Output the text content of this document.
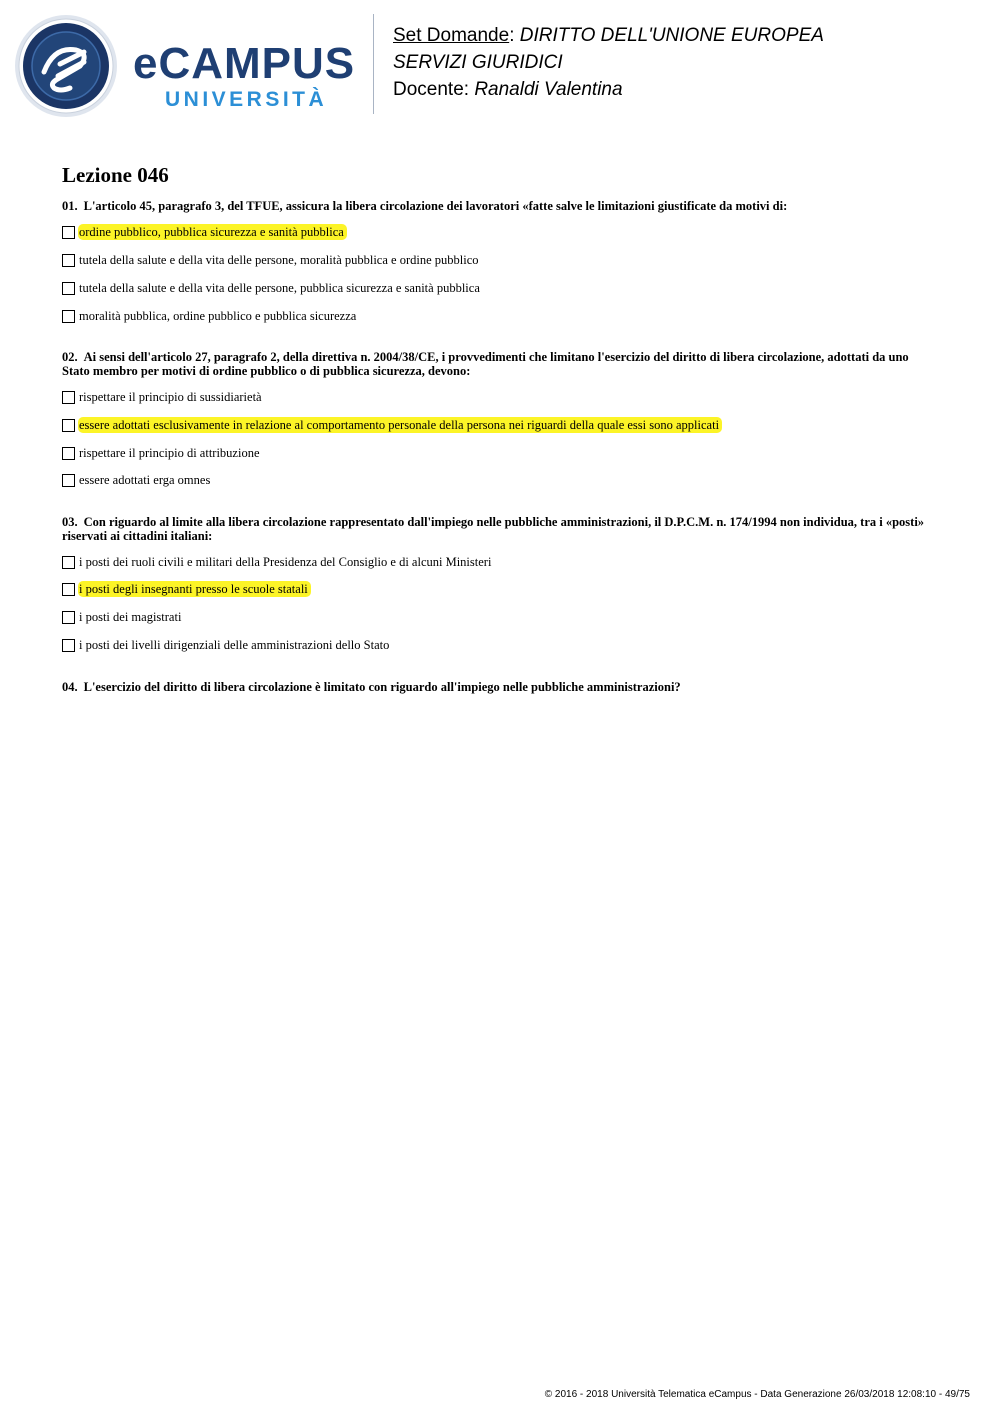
eCAMPUS
UNIVERSITÀ
Set Domande: DIRITTO DELL'UNIONE EUROPEA
SERVIZI GIURIDICI
Docente: Ranaldi Valentina
Lezione 046
01. L'articolo 45, paragrafo 3, del TFUE, assicura la libera circolazione dei lavoratori «fatte salve le limitazioni giustificate da motivi di:
ordine pubblico, pubblica sicurezza e sanità pubblica
tutela della salute e della vita delle persone, moralità pubblica e ordine pubblico
tutela della salute e della vita delle persone, pubblica sicurezza e sanità pubblica
moralità pubblica, ordine pubblico e pubblica sicurezza
02. Ai sensi dell'articolo 27, paragrafo 2, della direttiva n. 2004/38/CE, i provvedimenti che limitano l'esercizio del diritto di libera circolazione, adottati da uno Stato membro per motivi di ordine pubblico o di pubblica sicurezza, devono:
rispettare il principio di sussidiarietà
essere adottati esclusivamente in relazione al comportamento personale della persona nei riguardi della quale essi sono applicati
rispettare il principio di attribuzione
essere adottati erga omnes
03. Con riguardo al limite alla libera circolazione rappresentato dall'impiego nelle pubbliche amministrazioni, il D.P.C.M. n. 174/1994 non individua, tra i «posti» riservati ai cittadini italiani:
i posti dei ruoli civili e militari della Presidenza del Consiglio e di alcuni Ministeri
i posti degli insegnanti presso le scuole statali
i posti dei magistrati
i posti dei livelli dirigenziali delle amministrazioni dello Stato
04. L'esercizio del diritto di libera circolazione è limitato con riguardo all'impiego nelle pubbliche amministrazioni?
© 2016 - 2018 Università Telematica eCampus - Data Generazione 26/03/2018 12:08:10 - 49/75
